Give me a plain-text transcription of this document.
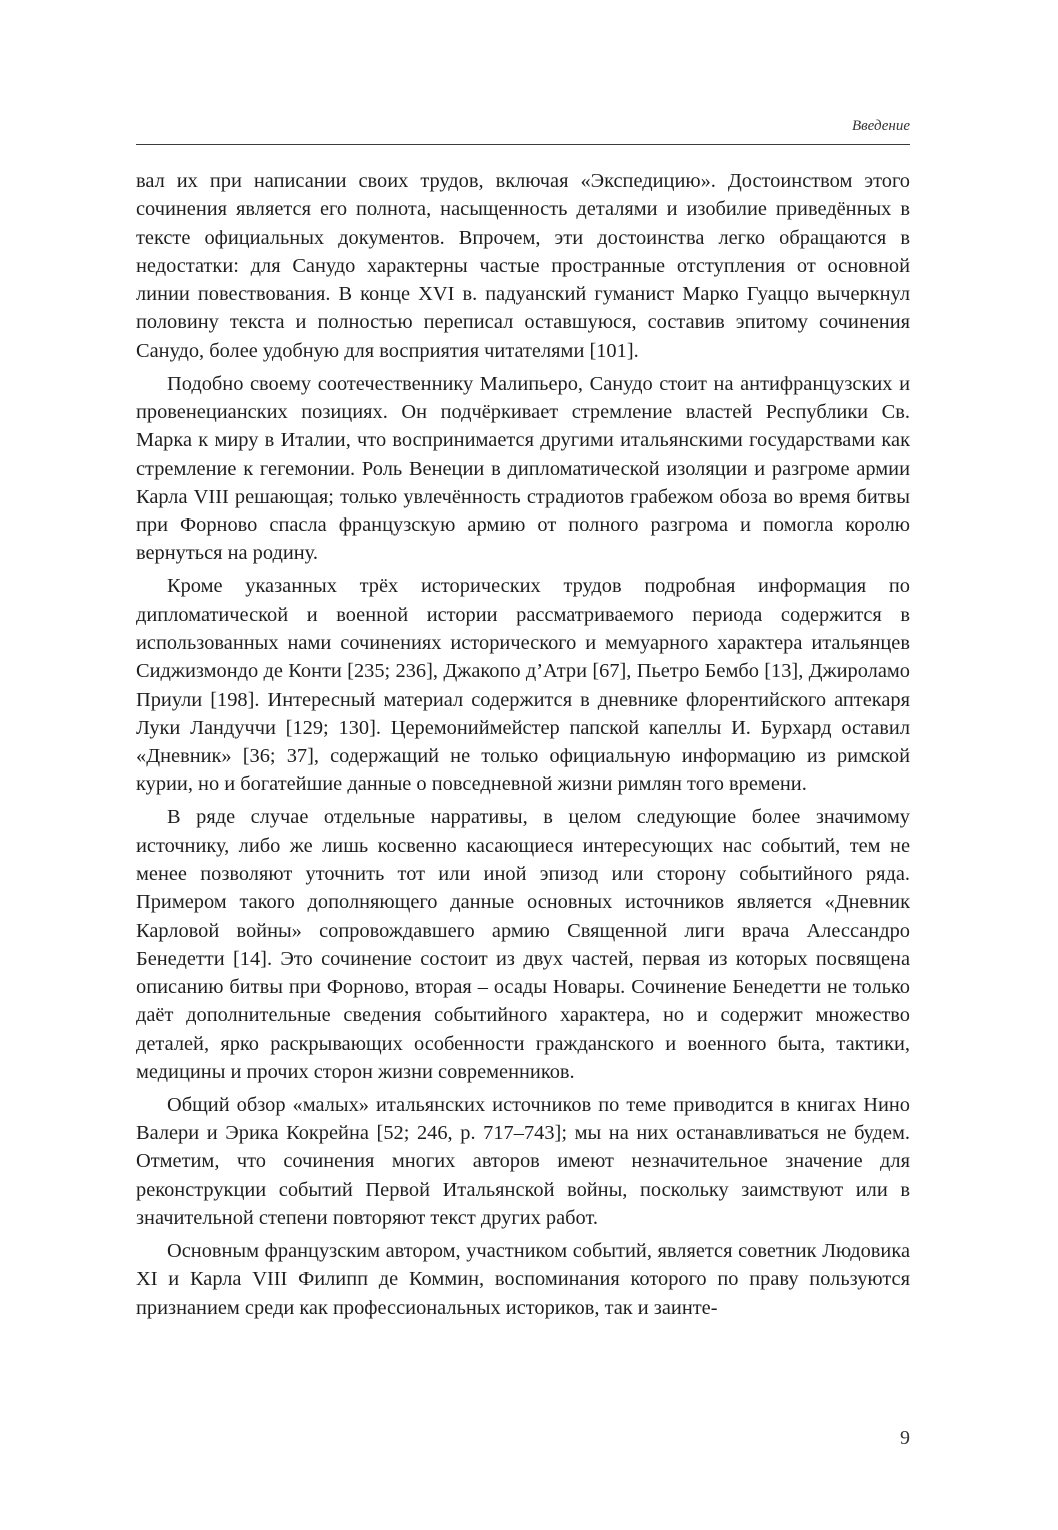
Введение

вал их при написании своих трудов, включая «Экспедицию». Достоинством этого сочинения является его полнота, насыщенность деталями и изобилие приведённых в тексте официальных документов. Впрочем, эти достоинства легко обращаются в недостатки: для Санудо характерны частые пространные отступления от основной линии повествования. В конце XVI в. падуанский гуманист Марко Гуаццо вычеркнул половину текста и полностью переписал оставшуюся, составив эпитому сочинения Санудо, более удобную для восприятия читателями [101].

Подобно своему соотечественнику Малипьеро, Санудо стоит на антифранцузских и провенецианских позициях. Он подчёркивает стремление властей Республики Св. Марка к миру в Италии, что воспринимается другими итальянскими государствами как стремление к гегемонии. Роль Венеции в дипломатической изоляции и разгроме армии Карла VIII решающая; только увлечённость страдиотов грабежом обоза во время битвы при Форново спасла французскую армию от полного разгрома и помогла королю вернуться на родину.

Кроме указанных трёх исторических трудов подробная информация по дипломатической и военной истории рассматриваемого периода содержится в использованных нами сочинениях исторического и мемуарного характера итальянцев Сиджизмондо де Конти [235; 236], Джакопо д’Атри [67], Пьетро Бембо [13], Джироламо Приули [198]. Интересный материал содержится в дневнике флорентийского аптекаря Луки Ландуччи [129; 130]. Церемониймейстер папской капеллы И. Бурхард оставил «Дневник» [36; 37], содержащий не только официальную информацию из римской курии, но и богатейшие данные о повседневной жизни римлян того времени.

В ряде случае отдельные нарративы, в целом следующие более значимому источнику, либо же лишь косвенно касающиеся интересующих нас событий, тем не менее позволяют уточнить тот или иной эпизод или сторону событийного ряда. Примером такого дополняющего данные основных источников является «Дневник Карловой войны» сопровождавшего армию Священной лиги врача Алессандро Бенедетти [14]. Это сочинение состоит из двух частей, первая из которых посвящена описанию битвы при Форново, вторая – осады Новары. Сочинение Бенедетти не только даёт дополнительные сведения событийного характера, но и содержит множество деталей, ярко раскрывающих особенности гражданского и военного быта, тактики, медицины и прочих сторон жизни современников.

Общий обзор «малых» итальянских источников по теме приводится в книгах Нино Валери и Эрика Кокрейна [52; 246, p. 717–743]; мы на них останавливаться не будем. Отметим, что сочинения многих авторов имеют незначительное значение для реконструкции событий Первой Итальянской войны, поскольку заимствуют или в значительной степени повторяют текст других работ.

Основным французским автором, участником событий, является советник Людовика XI и Карла VIII Филипп де Коммин, воспоминания которого по праву пользуются признанием среди как профессиональных историков, так и заинте-

9
